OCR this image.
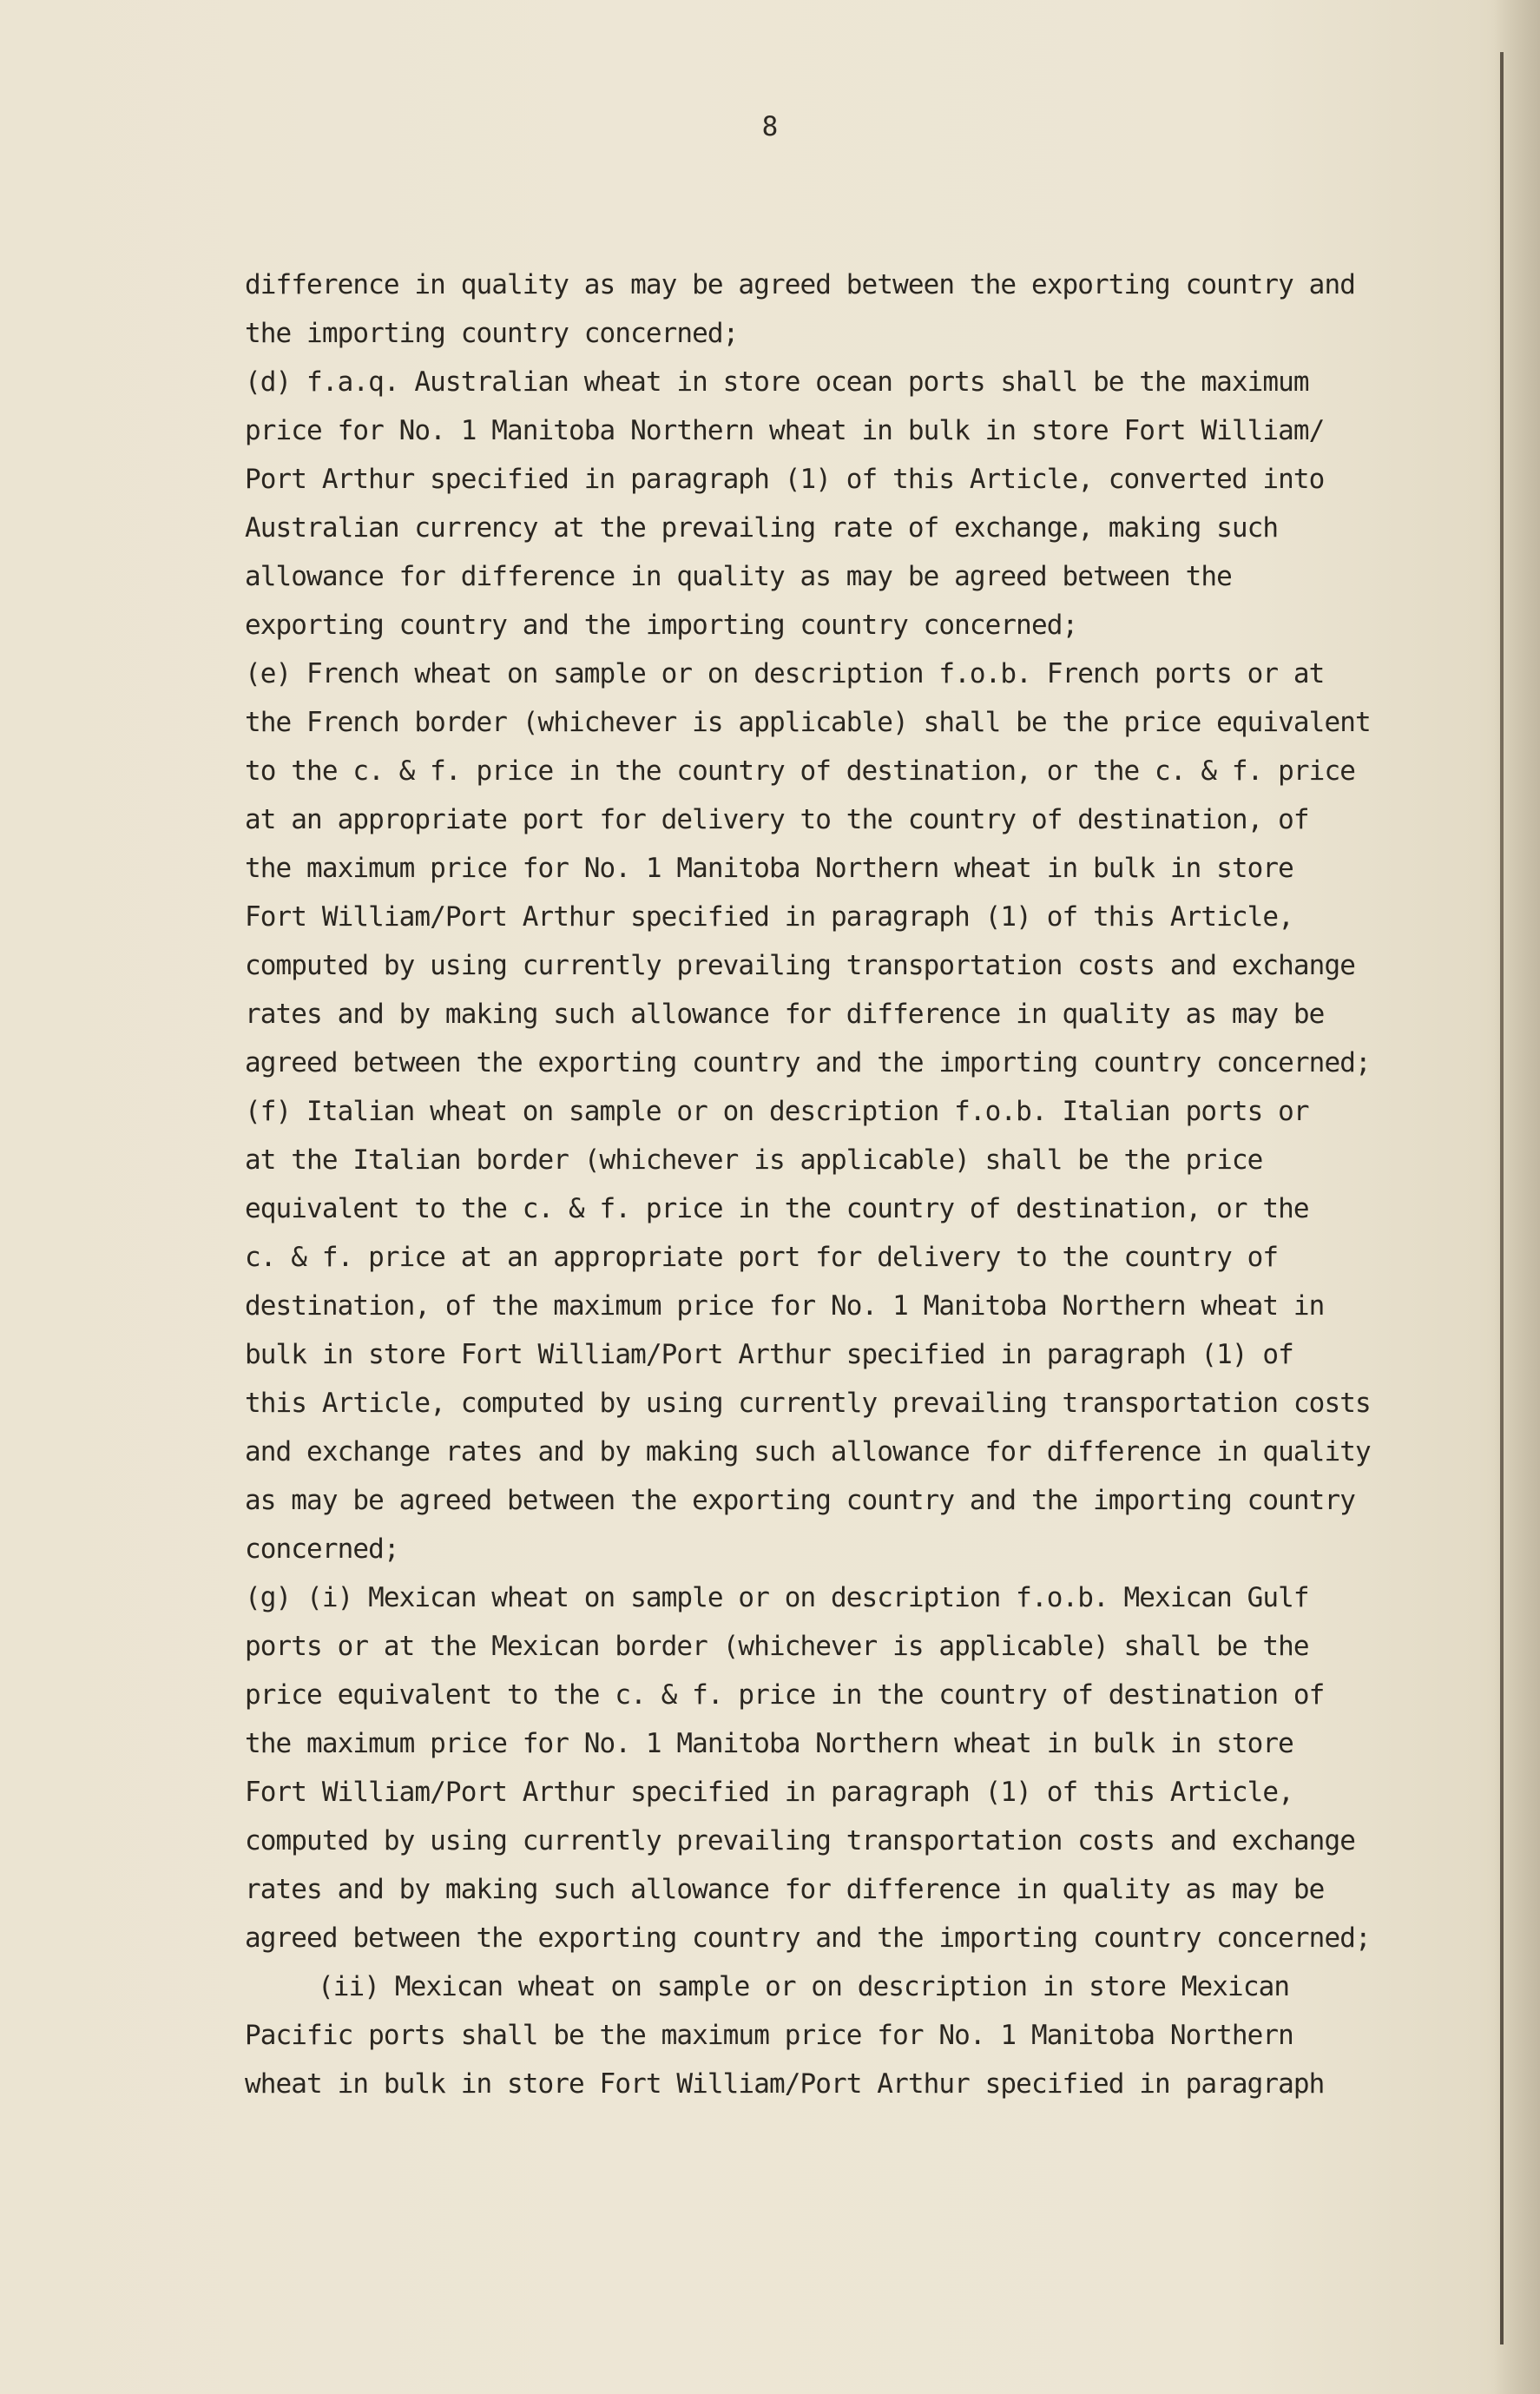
8
difference in quality as may be agreed between the exporting country and
the importing country concerned;
(d) f.a.q. Australian wheat in store ocean ports shall be the maximum
price for No. 1 Manitoba Northern wheat in bulk in store Fort William/
Port Arthur specified in paragraph (1) of this Article, converted into
Australian currency at the prevailing rate of exchange, making such
allowance for difference in quality as may be agreed between the
exporting country and the importing country concerned;
(e) French wheat on sample or on description f.o.b. French ports or at
the French border (whichever is applicable) shall be the price equivalent
to the c. & f. price in the country of destination, or the c. & f. price
at an appropriate port for delivery to the country of destination, of
the maximum price for No. 1 Manitoba Northern wheat in bulk in store
Fort William/Port Arthur specified in paragraph (1) of this Article,
computed by using currently prevailing transportation costs and exchange
rates and by making such allowance for difference in quality as may be
agreed between the exporting country and the importing country concerned;
(f) Italian wheat on sample or on description f.o.b. Italian ports or
at the Italian border (whichever is applicable) shall be the price
equivalent to the c. & f. price in the country of destination, or the
c. & f. price at an appropriate port for delivery to the country of
destination, of the maximum price for No. 1 Manitoba Northern wheat in
bulk in store Fort William/Port Arthur specified in paragraph (1) of
this Article, computed by using currently prevailing transportation costs
and exchange rates and by making such allowance for difference in quality
as may be agreed between the exporting country and the importing country
concerned;
(g) (i) Mexican wheat on sample or on description f.o.b. Mexican Gulf
ports or at the Mexican border (whichever is applicable) shall be the
price equivalent to the c. & f. price in the country of destination of
the maximum price for No. 1 Manitoba Northern wheat in bulk in store
Fort William/Port Arthur specified in paragraph (1) of this Article,
computed by using currently prevailing transportation costs and exchange
rates and by making such allowance for difference in quality as may be
agreed between the exporting country and the importing country concerned;
(ii) Mexican wheat on sample or on description in store Mexican
Pacific ports shall be the maximum price for No. 1 Manitoba Northern
wheat in bulk in store Fort William/Port Arthur specified in paragraph
